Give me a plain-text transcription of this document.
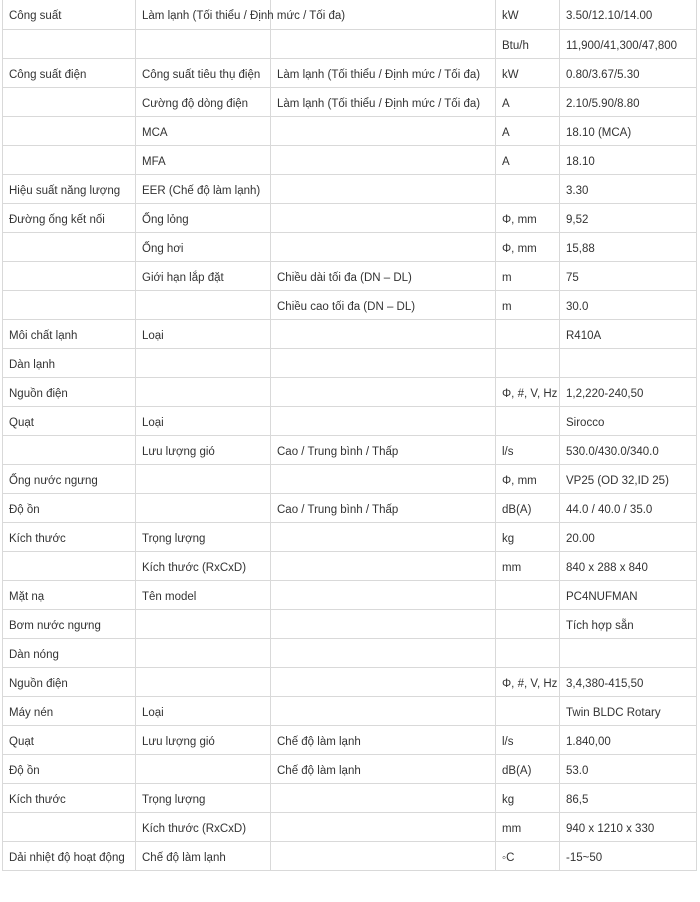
Công suất	Làm lạnh (Tối thiểu / Định mức / Tối đa)		kW	3.50/12.10/14.00
			Btu/h	11,900/41,300/47,800
Công suất điện	Công suất tiêu thụ điện	Làm lạnh (Tối thiểu / Định mức / Tối đa)	kW	0.80/3.67/5.30
	Cường độ dòng điện	Làm lạnh (Tối thiểu / Định mức / Tối đa)	A	2.10/5.90/8.80
	MCA		A	18.10 (MCA)
	MFA		A	18.10
Hiệu suất năng lượng	EER (Chế độ làm lạnh)			3.30
Đường ống kết nối	Ống lỏng		Φ, mm	9,52
	Ống hơi		Φ, mm	15,88
	Giới hạn lắp đặt	Chiều dài tối đa (DN – DL)	m	75
		Chiều cao tối đa (DN – DL)	m	30.0
Môi chất lạnh	Loại			R410A
Dàn lạnh				
Nguồn điện			Φ, #, V, Hz	1,2,220-240,50
Quạt	Loại			Sirocco
	Lưu lượng gió	Cao / Trung bình / Thấp	l/s	530.0/430.0/340.0
Ống nước ngưng			Φ, mm	VP25 (OD 32,ID 25)
Độ ồn		Cao / Trung bình / Thấp	dB(A)	44.0 / 40.0 / 35.0
Kích thước	Trọng lượng		kg	20.00
	Kích thước (RxCxD)		mm	840 x 288 x 840
Mặt nạ	Tên model			PC4NUFMAN
Bơm nước ngưng				Tích hợp sẵn
Dàn nóng				
Nguồn điện			Φ, #, V, Hz	3,4,380-415,50
Máy nén	Loại			Twin BLDC Rotary
Quạt	Lưu lượng gió	Chế độ làm lạnh	l/s	1.840,00
Độ ồn		Chế độ làm lạnh	dB(A)	53.0
Kích thước	Trọng lượng		kg	86,5
	Kích thước (RxCxD)		mm	940 x 1210 x 330
Dải nhiệt độ hoạt động	Chế độ làm lạnh		◦C	-15~50
